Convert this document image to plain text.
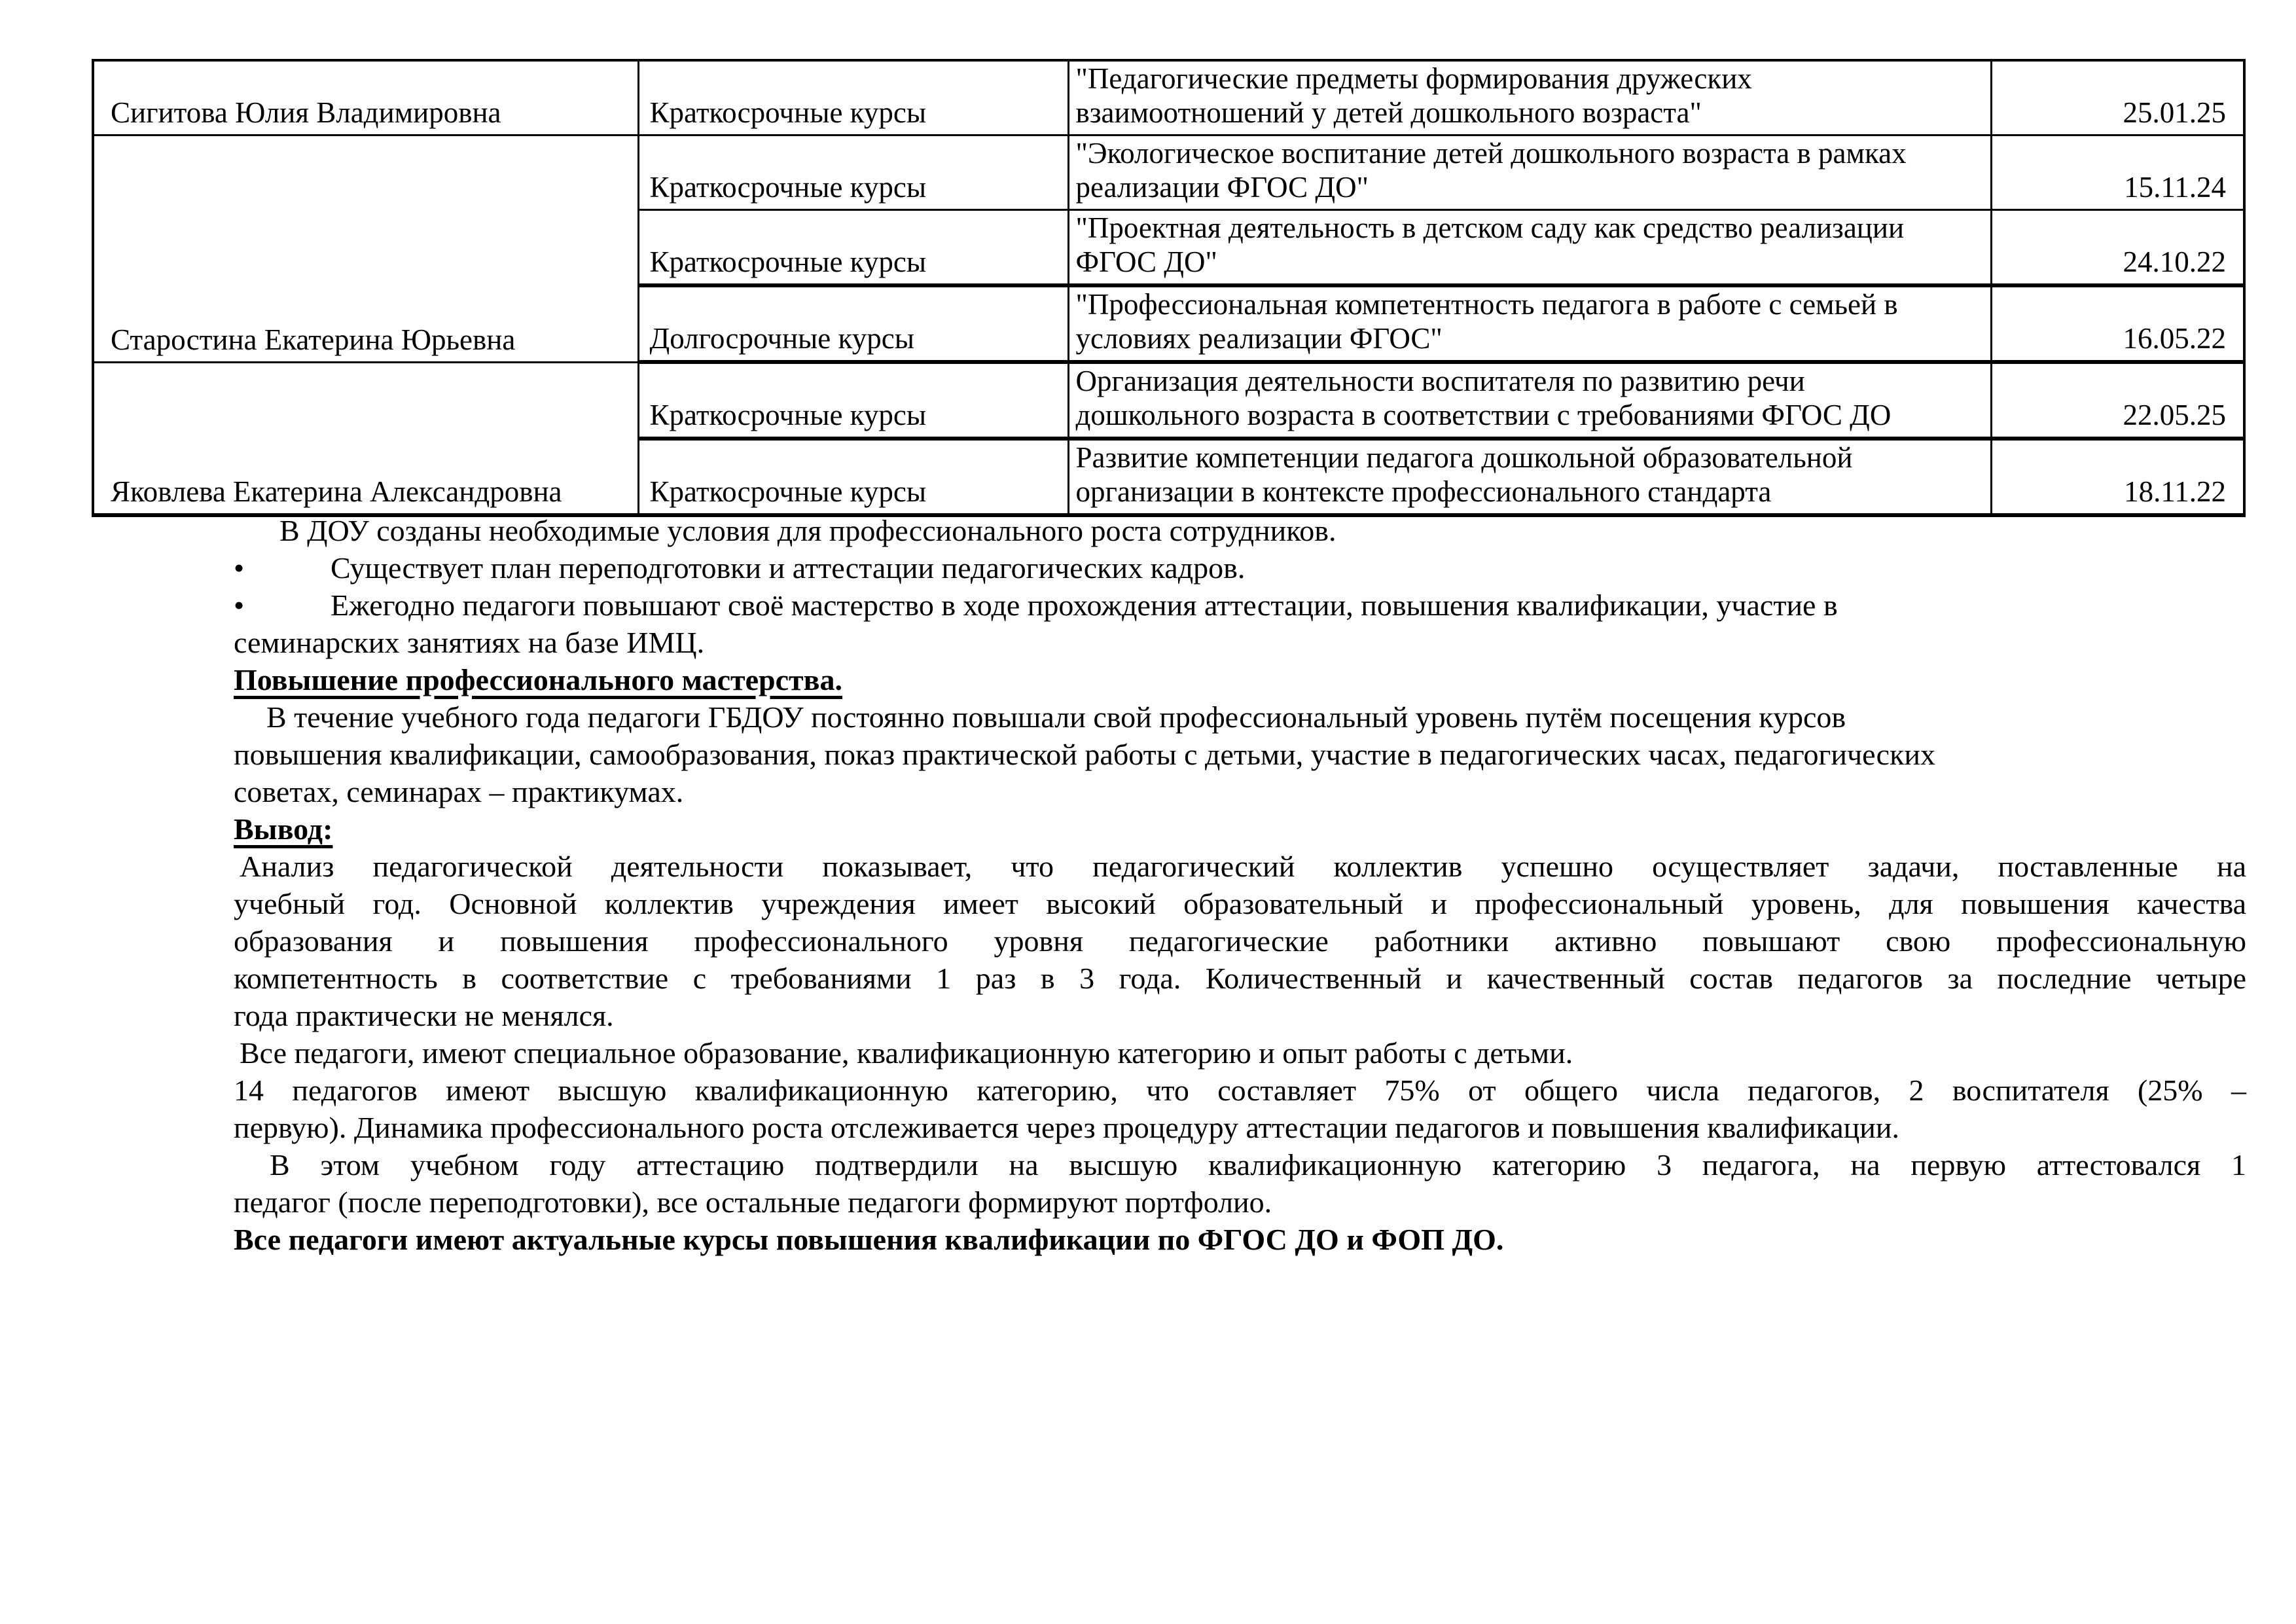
Сигитова Юлия Владимировна	Краткосрочные курсы	"Педагогические предметы формирования дружеских
взаимоотношений у детей дошкольного возраста"	25.01.25
Старостина Екатерина Юрьевна	Краткосрочные курсы	"Экологическое воспитание детей дошкольного возраста в рамках
реализации ФГОС ДО"	15.11.24
	Краткосрочные курсы	"Проектная деятельность в детском саду как средство реализации
ФГОС ДО"	24.10.22
	Долгосрочные курсы	"Профессиональная компетентность педагога в работе с семьей в
условиях реализации ФГОС"	16.05.22
Яковлева Екатерина Александровна	Краткосрочные курсы	Организация деятельности воспитателя по развитию речи
дошкольного возраста в соответствии с требованиями ФГОС ДО	22.05.25
	Краткосрочные курсы	Развитие компетенции педагога дошкольной образовательной
организации в контексте профессионального стандарта	18.11.22
В ДОУ созданы необходимые условия для профессионального роста сотрудников.
•	Существует план переподготовки и аттестации педагогических кадров.
•	Ежегодно педагоги повышают своё мастерство в ходе прохождения аттестации, повышения квалификации, участие в
семинарских занятиях на базе ИМЦ.
Повышение профессионального мастерства.
В течение учебного года педагоги ГБДОУ постоянно повышали свой профессиональный уровень путём посещения курсов
повышения квалификации, самообразования, показ практической работы с детьми, участие в педагогических часах, педагогических
советах, семинарах – практикумах.
Вывод:
Анализ педагогической деятельности показывает, что педагогический коллектив успешно осуществляет задачи, поставленные на
учебный год. Основной коллектив учреждения имеет высокий образовательный и профессиональный уровень, для повышения качества
образования и повышения профессионального уровня педагогические работники активно повышают свою профессиональную
компетентность в соответствие с требованиями 1 раз в 3 года. Количественный и качественный состав педагогов за последние четыре
года практически не менялся.
Все педагоги, имеют специальное образование, квалификационную категорию и опыт работы с детьми.
14 педагогов имеют высшую квалификационную категорию, что составляет 75% от общего числа педагогов, 2 воспитателя (25% –
первую). Динамика профессионального роста отслеживается через процедуру аттестации педагогов и повышения квалификации.
В этом учебном году аттестацию подтвердили на высшую квалификационную категорию 3 педагога, на первую аттестовался 1
педагог (после переподготовки), все остальные педагоги формируют портфолио.
Все педагоги имеют актуальные курсы повышения квалификации по ФГОС ДО и ФОП ДО.
